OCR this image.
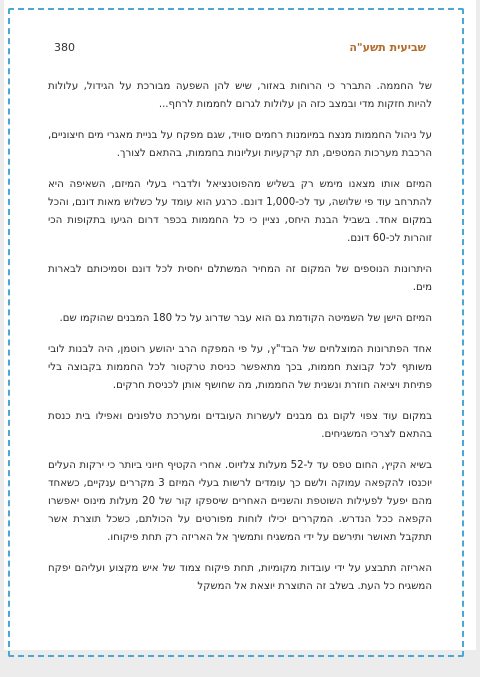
380	שביעית תשע"ה

של החממה. התברר כי הרוחות באזור, שיש להן השפעה מבורכת על הגידול, עלולות להיות חזקות מדי ובמצב כזה הן עלולות לגרום לחממות לרחף...

על ניהול החממות מנצח במיומנות רחמים סוויד, שגם מפקח על בניית מאגרי מים חיצוניים, הרכבת מערכות המטפים, תת קרקעיות ועליונות בחממות, בהתאם לצורך.

המיזם אותו מצאנו מימש רק בשליש מהפוטנציאל ולדברי בעלי המיזם, השאיפה היא להתרחב עוד פי שלושה, עד לכ-1,000 דונם. כרגע הוא עומד על כשלוש מאות דונם, והכל במקום אחד. בשביל הבנת היחס, נציין כי כל החממות בכפר דרום הגיעו בתקופות הכי זוהרות לכ-60 דונם.

היתרונות הנוספים של המקום זה המחיר המשתלם יחסית לכל דונם וסמיכותם לבארות מים.

המיזם הישן של השמיטה הקודמת גם הוא עבר שדרוג על כל 180 המבנים שהוקמו שם.

אחד הפתרונות המוצלחים של הבד"ץ, על פי המפקח הרב יהושע רוטמן, היה לבנות לובי משותף לכל קבוצת חממות, בכך מתאפשר כניסת טרקטור לכל החממות בקבוצה בלי פתיחת ויציאה חוזרת ונשנית של החממות, מה שחושף אותן לכניסת חרקים.

במקום עוד צפוי לקום גם מבנים לעשרות העובדים ומערכת טלפונים ואפילו בית כנסת בהתאם לצרכי המשגיחים.

בשיא הקיץ, החום טפס עד ל-52 מעלות צלזיוס. אחרי הקטיף חיוני ביותר כי ירקות העלים יוכנסו להקפאה עמוקה ולשם כך עומדים לרשות בעלי המיזם 3 מקררים ענקיים, כשאחד מהם יפעל לפעילות השוטפת והשניים האחרים שיספקו קור של 20 מעלות מינוס יאפשרו הקפאה ככל הנדרש. המקררים יכילו לוחות מפורטים על הכולתם, כשכל תוצרת אשר תתקבל תאושר ותירשם על ידי המשגיח ותמשיך אל האריזה רק תחת פיקוחו.

האריזה תתבצע על ידי עובדות מקומיות, תחת פיקוח צמוד של איש מקצוע ועליהם יפקח המשגיח כל העת. בשלב זה התוצרת יוצאת אל המשקל
